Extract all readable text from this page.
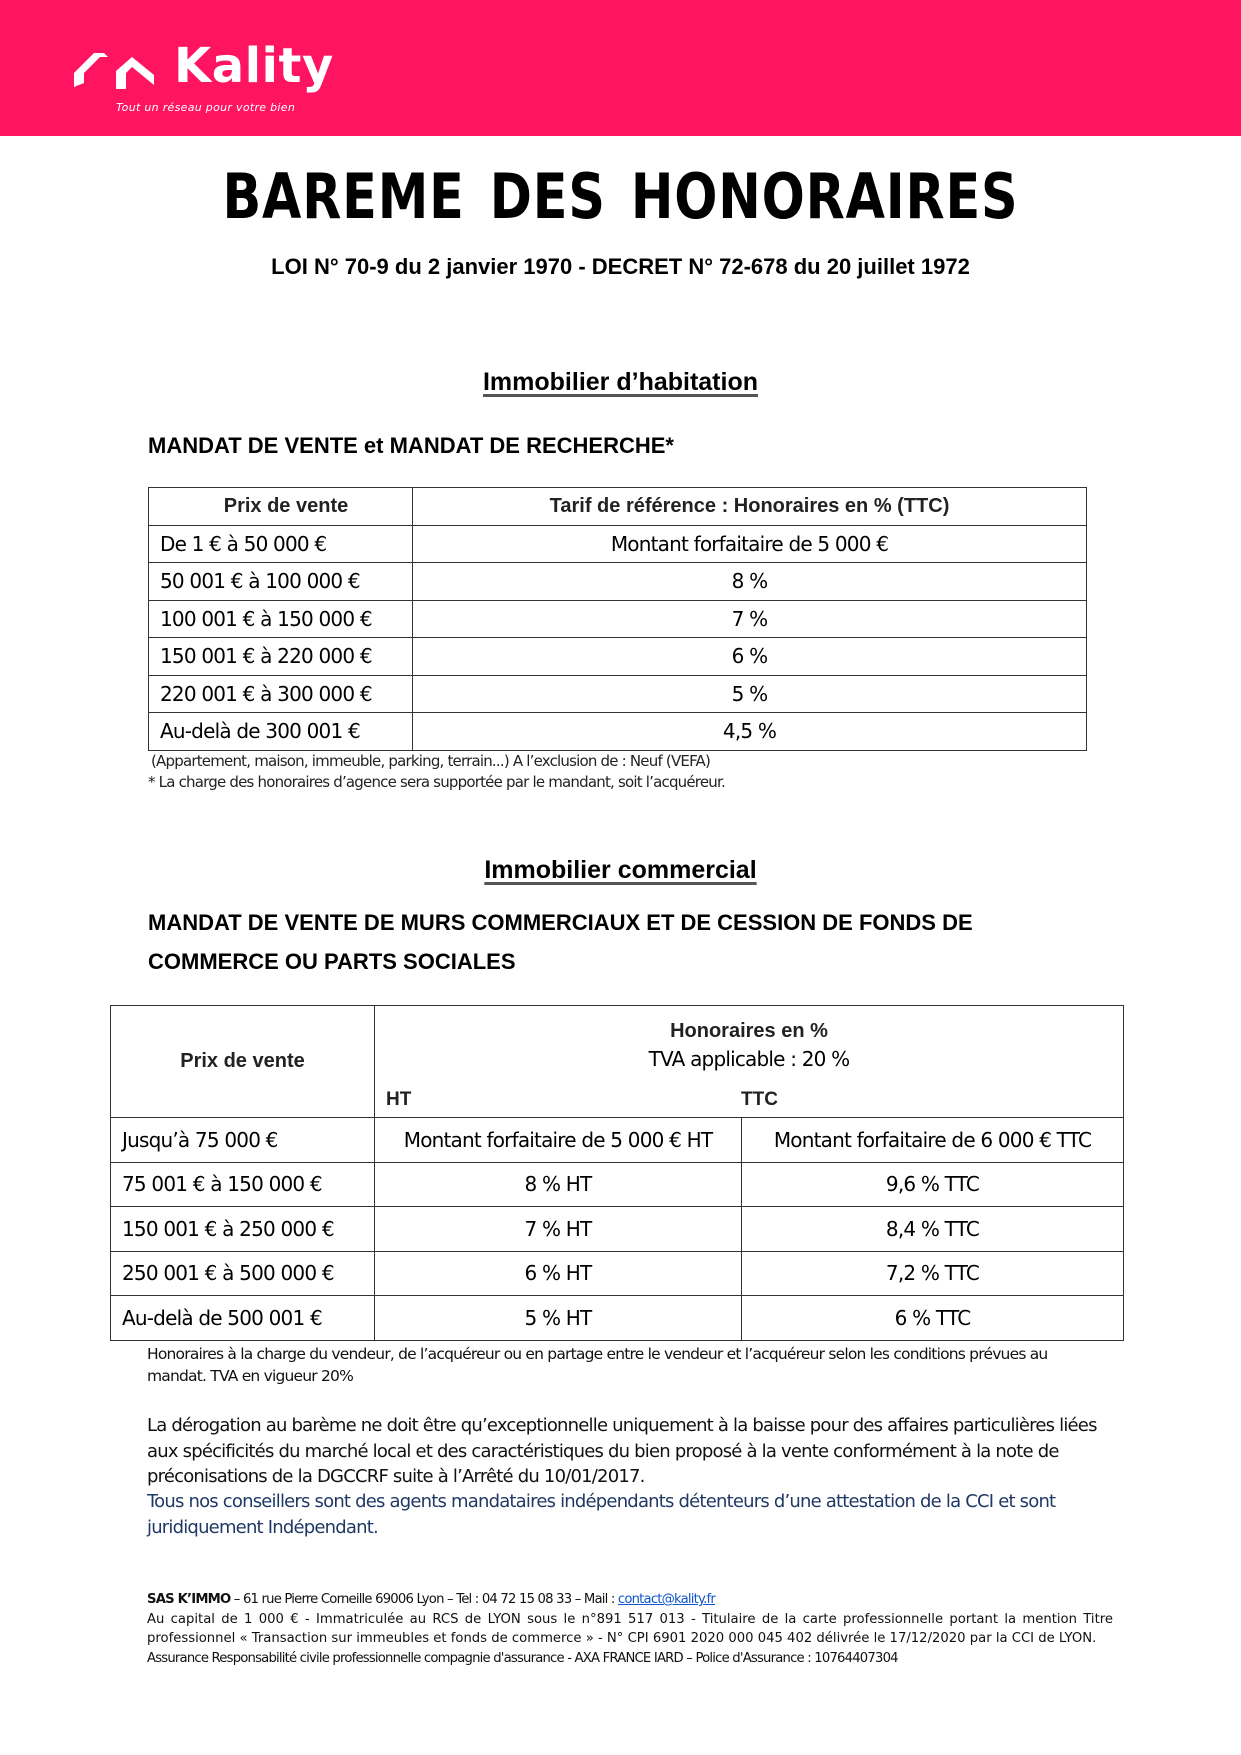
Kality
Tout un réseau pour votre bien
BAREME DES HONORAIRES
LOI N° 70-9 du 2 janvier 1970 - DECRET N° 72-678 du 20 juillet 1972
Immobilier d’habitation
MANDAT DE VENTE et MANDAT DE RECHERCHE*
Prix de vente	Tarif de référence : Honoraires en % (TTC)
De 1 € à 50 000 €	Montant forfaitaire de 5 000 €
50 001 € à 100 000 €	8 %
100 001 € à 150 000 €	7 %
150 001 € à 220 000 €	6 %
220 001 € à 300 000 €	5 %
Au-delà de 300 001 €	4,5 %
(Appartement, maison, immeuble, parking, terrain...) A l’exclusion de : Neuf (VEFA)
* La charge des honoraires d’agence sera supportée par le mandant, soit l’acquéreur.
Immobilier commercial
MANDAT DE VENTE DE MURS COMMERCIAUX ET DE CESSION DE FONDS DE
COMMERCE OU PARTS SOCIALES
Prix de vente	Honoraires en %
TVA applicable : 20 %
HT TTC	

Jusqu’à 75 000 €	Montant forfaitaire de 5 000 € HT	Montant forfaitaire de 6 000 € TTC
75 001 € à 150 000 €	8 % HT	9,6 % TTC
150 001 € à 250 000 €	7 % HT	8,4 % TTC
250 001 € à 500 000 €	6 % HT	7,2 % TTC
Au-delà de 500 001 €	5 % HT	6 % TTC
Honoraires à la charge du vendeur, de l’acquéreur ou en partage entre le vendeur et l’acquéreur selon les conditions prévues au mandat. TVA en vigueur 20%
La dérogation au barème ne doit être qu’exceptionnelle uniquement à la baisse pour des affaires particulières liées aux spécificités du marché local et des caractéristiques du bien proposé à la vente conformément à la note de préconisations de la DGCCRF suite à l’Arrêté du 10/01/2017.
Tous nos conseillers sont des agents mandataires indépendants détenteurs d’une attestation de la CCI et sont juridiquement Indépendant.
SAS K’IMMO – 61 rue Pierre Corneille 69006 Lyon – Tel : 04 72 15 08 33 – Mail : contact@kality.fr
Au capital de 1 000 € - Immatriculée au RCS de LYON sous le n°891 517 013 - Titulaire de la carte professionnelle portant la mention Titre professionnel « Transaction sur immeubles et fonds de commerce » - N° CPI 6901 2020 000 045 402 délivrée le 17/12/2020 par la CCI de LYON.
Assurance Responsabilité civile professionnelle compagnie d'assurance - AXA FRANCE IARD – Police d'Assurance : 10764407304
